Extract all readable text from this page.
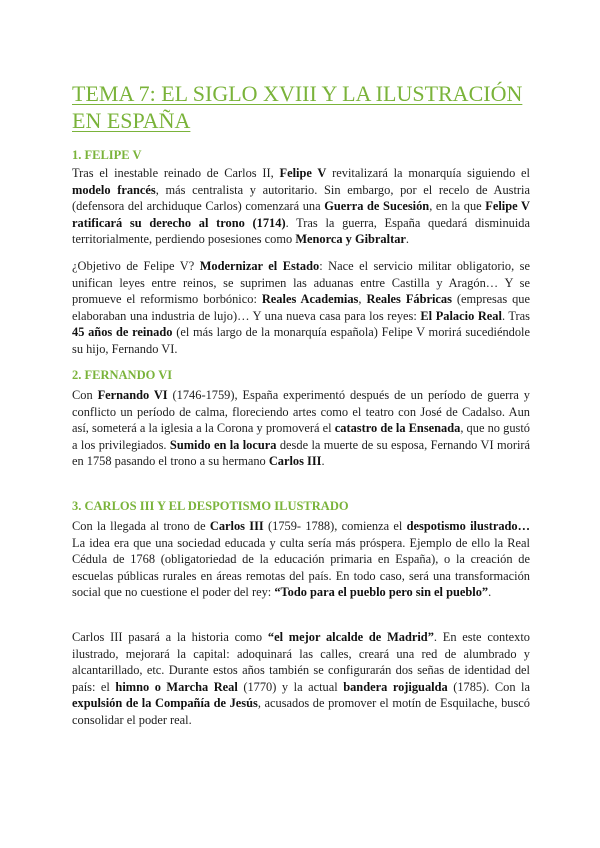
TEMA 7: EL SIGLO XVIII Y LA ILUSTRACIÓN EN ESPAÑA
1. FELIPE V

Tras el inestable reinado de Carlos II, Felipe V revitalizará la monarquía siguiendo el modelo francés, más centralista y autoritario. Sin embargo, por el recelo de Austria (defensora del archiduque Carlos) comenzará una Guerra de Sucesión, en la que Felipe V ratificará su derecho al trono (1714). Tras la guerra, España quedará disminuida territorialmente, perdiendo posesiones como Menorca y Gibraltar.

¿Objetivo de Felipe V? Modernizar el Estado: Nace el servicio militar obligatorio, se unifican leyes entre reinos, se suprimen las aduanas entre Castilla y Aragón… Y se promueve el reformismo borbónico: Reales Academias, Reales Fábricas (empresas que elaboraban una industria de lujo)… Y una nueva casa para los reyes: El Palacio Real. Tras 45 años de reinado (el más largo de la monarquía española) Felipe V morirá sucediéndole su hijo, Fernando VI.

2. FERNANDO VI

Con Fernando VI (1746-1759), España experimentó después de un período de guerra y conflicto un período de calma, floreciendo artes como el teatro con José de Cadalso. Aun así, someterá a la iglesia a la Corona y promoverá el catastro de la Ensenada, que no gustó a los privilegiados. Sumido en la locura desde la muerte de su esposa, Fernando VI morirá en 1758 pasando el trono a su hermano Carlos III.

3. CARLOS III Y EL DESPOTISMO ILUSTRADO

Con la llegada al trono de Carlos III (1759- 1788), comienza el despotismo ilustrado… La idea era que una sociedad educada y culta sería más próspera. Ejemplo de ello la Real Cédula de 1768 (obligatoriedad de la educación primaria en España), o la creación de escuelas públicas rurales en áreas remotas del país. En todo caso, será una transformación social que no cuestione el poder del rey: “Todo para el pueblo pero sin el pueblo”.

Carlos III pasará a la historia como “el mejor alcalde de Madrid”. En este contexto ilustrado, mejorará la capital: adoquinará las calles, creará una red de alumbrado y alcantarillado, etc. Durante estos años también se configurarán dos señas de identidad del país: el himno o Marcha Real (1770) y la actual bandera rojigualda (1785). Con la expulsión de la Compañía de Jesús, acusados de promover el motín de Esquilache, buscó consolidar el poder real.
